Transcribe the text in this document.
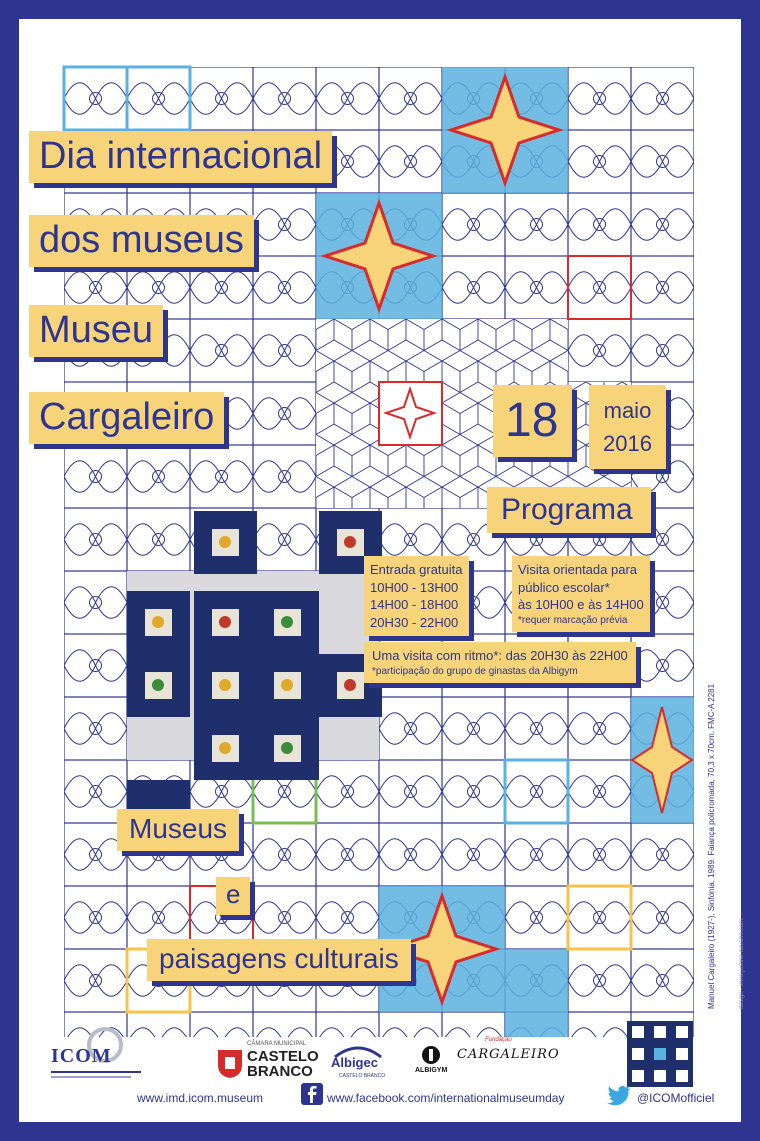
Dia internacional
dos museus
Museu
Cargaleiro	18	maio
2016
Programa
Entrada gratuita
10H00 - 13H00
14H00 - 18H00
20H30 - 22H00
Visita orientada para
público escolar*
às 10H00 e às 14H00
*requer marcação prévia
Uma visita com ritmo*: das 20H30 às 22H00
*participação do grupo de ginastas da Albigym
Museus
e
paisagens culturais	Manuel Cargaleiro (1927-), Sinfonia, 1989. Faiança policromada, 70,3 x 70cm. FMC-A 2281	design - www.justine-navarro.com
ICOM
CÂMARA MUNICIPAL
CASTELO
BRANCO
Albigec
CASTELO BRANCO
ALBIGYM
Fundação
CARGALEIRO
www.imd.icom.museum	www.facebook.com/internationalmuseumday	@ICOMofficiel
